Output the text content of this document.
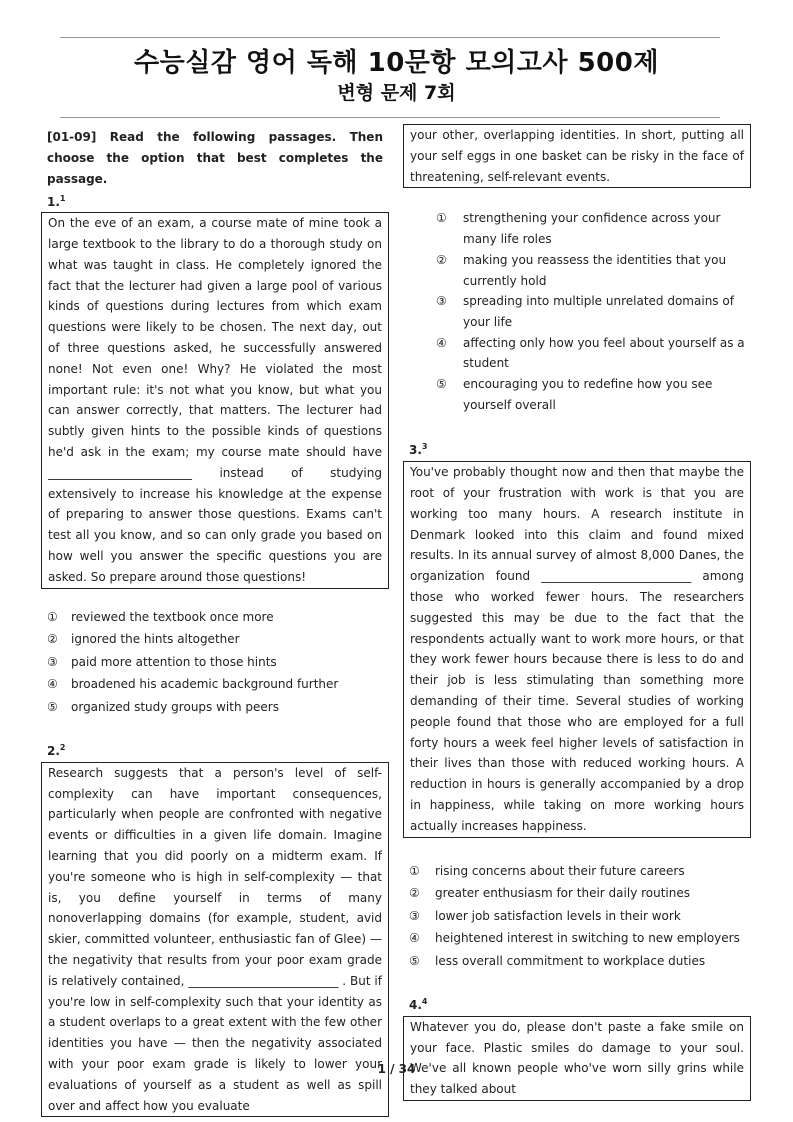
수능실감 영어 독해 10문항 모의고사 500제
변형 문제 7회
[01-09] Read the following passages. Then choose the option that best completes the passage.
1.$^1$

On the eve of an exam, a course mate of mine took a large textbook to the library to do a thorough study on what was taught in class. He completely ignored the fact that the lecturer had given a large pool of various kinds of questions during lectures from which exam questions were likely to be chosen. The next day, out of three questions asked, he successfully answered none! Not even one! Why? He violated the most important rule: it's not what you know, but what you can answer correctly, that matters. The lecturer had subtly given hints to the possible kinds of questions he'd ask in the exam; my course mate should have ________________________ instead of studying extensively to increase his knowledge at the expense of preparing to answer those questions. Exams can't test all you know, and so can only grade you based on how well you answer the specific questions you are asked. So prepare around those questions!

① reviewed the textbook once more
② ignored the hints altogether
③ paid more attention to those hints
④ broadened his academic background further
⑤ organized study groups with peers
2.$^2$

Research suggests that a person's level of self-complexity can have important consequences, particularly when people are confronted with negative events or difficulties in a given life domain. Imagine learning that you did poorly on a midterm exam. If you're someone who is high in self-complexity — that is, you define yourself in terms of many nonoverlapping domains (for example, student, avid skier, committed volunteer, enthusiastic fan of Glee) — the negativity that results from your poor exam grade is relatively contained, _________________________ . But if you're low in self-complexity such that your identity as a student overlaps to a great extent with the few other identities you have — then the negativity associated with your poor exam grade is likely to lower your evaluations of yourself as a student as well as spill over and affect how you evaluate

your other, overlapping identities. In short, putting all your self eggs in one basket can be risky in the face of threatening, self-relevant events.

① strengthening your confidence across your many life roles
② making you reassess the identities that you currently hold
③ spreading into multiple unrelated domains of your life
④ affecting only how you feel about yourself as a student
⑤ encouraging you to redefine how you see yourself overall
3.$^3$

You've probably thought now and then that maybe the root of your frustration with work is that you are working too many hours. A research institute in Denmark looked into this claim and found mixed results. In its annual survey of almost 8,000 Danes, the organization found _________________________ among those who worked fewer hours. The researchers suggested this may be due to the fact that the respondents actually want to work more hours, or that they work fewer hours because there is less to do and their job is less stimulating than something more demanding of their time. Several studies of working people found that those who are employed for a full forty hours a week feel higher levels of satisfaction in their lives than those with reduced working hours. A reduction in hours is generally accompanied by a drop in happiness, while taking on more working hours actually increases happiness.

① rising concerns about their future careers
② greater enthusiasm for their daily routines
③ lower job satisfaction levels in their work
④ heightened interest in switching to new employers
⑤ less overall commitment to workplace duties
4.$^4$

Whatever you do, please don't paste a fake smile on your face. Plastic smiles do damage to your soul. We've all known people who've worn silly grins while they talked about

1 / 34
